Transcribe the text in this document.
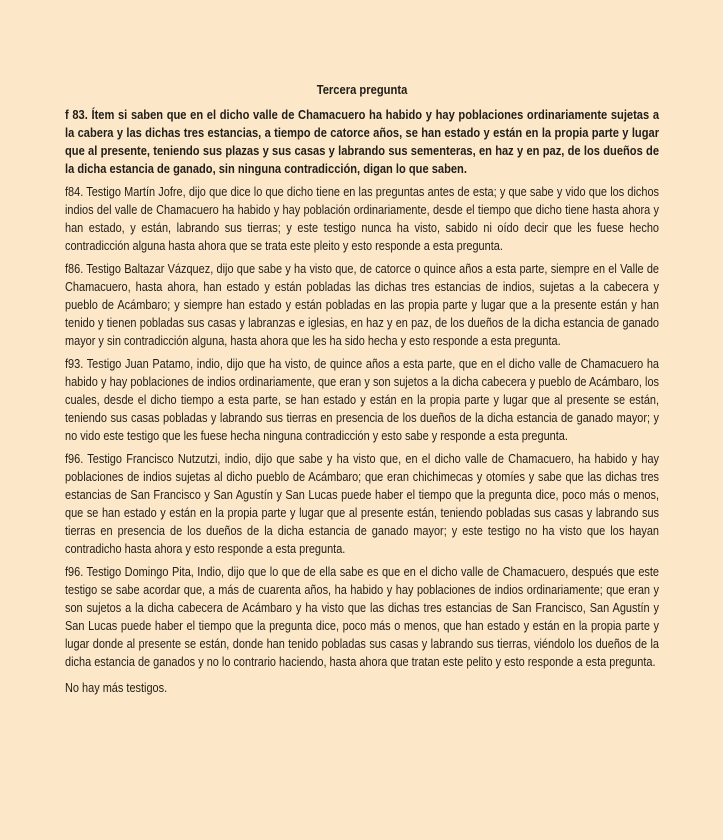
Tercera pregunta

f 83. Ítem si saben que en el dicho valle de Chamacuero ha habido y hay poblaciones ordinariamente sujetas a la cabera y las dichas tres estancias, a tiempo de catorce años, se han estado y están en la propia parte y lugar que al presente, teniendo sus plazas y sus casas y labrando sus sementeras, en haz y en paz, de los dueños de la dicha estancia de ganado, sin ninguna contradicción, digan lo que saben.

f84. Testigo Martín Jofre, dijo que dice lo que dicho tiene en las preguntas antes de esta; y que sabe y vido que los dichos indios del valle de Chamacuero ha habido y hay población ordinariamente, desde el tiempo que dicho tiene hasta ahora y han estado, y están, labrando sus tierras; y este testigo nunca ha visto, sabido ni oído decir que les fuese hecho contradicción alguna hasta ahora que se trata este pleito y esto responde a esta pregunta.

f86. Testigo Baltazar Vázquez, dijo que sabe y ha visto que, de catorce o quince años a esta parte, siempre en el Valle de Chamacuero, hasta ahora, han estado y están pobladas las dichas tres estancias de indios, sujetas a la cabecera y pueblo de Acámbaro; y siempre han estado y están pobladas en las propia parte y lugar que a la presente están y han tenido y tienen pobladas sus casas y labranzas e iglesias, en haz y en paz, de los dueños de la dicha estancia de ganado mayor y sin contradicción alguna, hasta ahora que les ha sido hecha y esto responde a esta pregunta.

f93. Testigo Juan Patamo, indio, dijo que ha visto, de quince años a esta parte, que en el dicho valle de Chamacuero ha habido y hay poblaciones de indios ordinariamente, que eran y son sujetos a la dicha cabecera y pueblo de Acámbaro, los cuales, desde el dicho tiempo a esta parte, se han estado y están en la propia parte y lugar que al presente se están, teniendo sus casas pobladas y labrando sus tierras en presencia de los dueños de la dicha estancia de ganado mayor; y no vido este testigo que les fuese hecha ninguna contradicción y esto sabe y responde a esta pregunta.

f96. Testigo Francisco Nutzutzi, indio, dijo que sabe y ha visto que, en el dicho valle de Chamacuero, ha habido y hay poblaciones de indios sujetas al dicho pueblo de Acámbaro; que eran chichimecas y otomíes y sabe que las dichas tres estancias de San Francisco y San Agustín y San Lucas puede haber el tiempo que la pregunta dice, poco más o menos, que se han estado y están en la propia parte y lugar que al presente están, teniendo pobladas sus casas y labrando sus tierras en presencia de los dueños de la dicha estancia de ganado mayor; y este testigo no ha visto que los hayan contradicho hasta ahora y esto responde a esta pregunta.

f96. Testigo Domingo Pita, Indio, dijo que lo que de ella sabe es que en el dicho valle de Chamacuero, después que este testigo se sabe acordar que, a más de cuarenta años, ha habido y hay poblaciones de indios ordinariamente; que eran y son sujetos a la dicha cabecera de Acámbaro y ha visto que las dichas tres estancias de San Francisco, San Agustín y San Lucas puede haber el tiempo que la pregunta dice, poco más o menos, que han estado y están en la propia parte y lugar donde al presente se están, donde han tenido pobladas sus casas y labrando sus tierras, viéndolo los dueños de la dicha estancia de ganados y no lo contrario haciendo, hasta ahora que tratan este pelito y esto responde a esta pregunta.

No hay más testigos.
